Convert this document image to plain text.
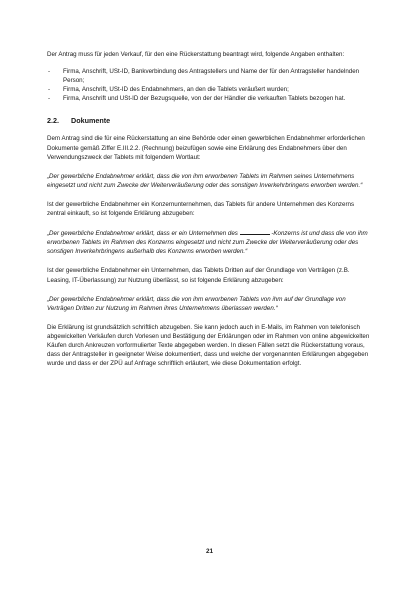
Der Antrag muss für jeden Verkauf, für den eine Rückerstattung beantragt wird, folgende Angaben enthalten:

- Firma, Anschrift, USt-ID, Bankverbindung des Antragstellers und Name der für den Antragsteller handelnden Person;
- Firma, Anschrift, USt-ID des Endabnehmers, an den die Tablets veräußert wurden;
- Firma, Anschrift und USt-ID der Bezugsquelle, von der der Händler die verkauften Tablets bezogen hat.
2.2. Dokumente

Dem Antrag sind die für eine Rückerstattung an eine Behörde oder einen gewerblichen Endabnehmer erforderlichen Dokumente gemäß Ziffer E.III.2.2. (Rechnung) beizufügen sowie eine Erklärung des Endabnehmers über den Verwendungszweck der Tablets mit folgendem Wortlaut:

„Der gewerbliche Endabnehmer erklärt, dass die von ihm erworbenen Tablets im Rahmen seines Unternehmens eingesetzt und nicht zum Zwecke der Weiterveräußerung oder des sonstigen Inverkehrbringens erworben werden.“

Ist der gewerbliche Endabnehmer ein Konzernunternehmen, das Tablets für andere Unternehmen des Konzerns zentral einkauft, so ist folgende Erklärung abzugeben:

„Der gewerbliche Endabnehmer erklärt, dass er ein Unternehmen des	-Konzerns ist und dass die von ihm erworbenen Tablets im Rahmen des Konzerns eingesetzt und nicht zum Zwecke der Weiterveräußerung oder des sonstigen Inverkehrbringens außerhalb des Konzerns erworben werden.“

Ist der gewerbliche Endabnehmer ein Unternehmen, das Tablets Dritten auf der Grundlage von Verträgen (z.B. Leasing, IT-Überlassung) zur Nutzung überlässt, so ist folgende Erklärung abzugeben:

„Der gewerbliche Endabnehmer erklärt, dass die von ihm erworbenen Tablets von ihm auf der Grundlage von Verträgen Dritten zur Nutzung im Rahmen ihres Unternehmens überlassen werden.“

Die Erklärung ist grundsätzlich schriftlich abzugeben. Sie kann jedoch auch in E-Mails, im Rahmen von telefonisch abgewickelten Verkäufen durch Vorlesen und Bestätigung der Erklärungen oder im Rahmen von online abgewickelten Käufen durch Ankreuzen vorformulierter Texte abgegeben werden. In diesen Fällen setzt die Rückerstattung voraus, dass der Antragsteller in geeigneter Weise dokumentiert, dass und welche der vorgenannten Erklärungen abgegeben wurde und dass er der ZPÜ auf Anfrage schriftlich erläutert, wie diese Dokumentation erfolgt.

21
